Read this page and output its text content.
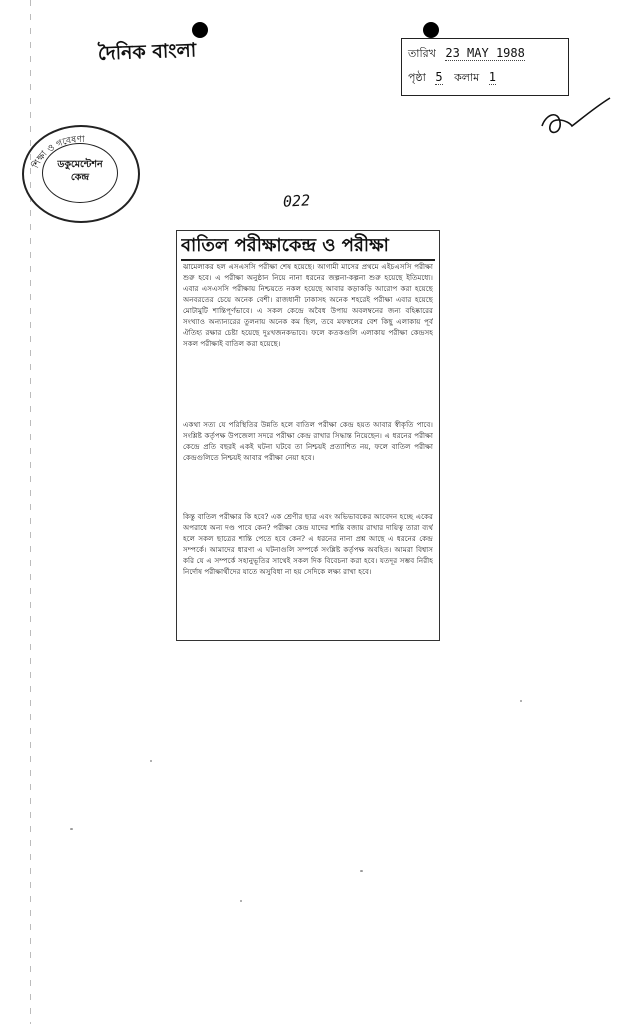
দৈনিক বাংলা	তারিখ 23 MAY 1988
পৃষ্ঠা 5 কলাম 1
শিক্ষা ও গবেষণা
ডকুমেন্টেশন
কেন্দ্র
022
বাতিল পরীক্ষাকেন্দ্র ও পরীক্ষা

ঝামেলাকর হল এসএসসি পরীক্ষা শেষ হয়েছে। আগামী মাসের প্রথমে এইচএসসি পরীক্ষা শুরু হবে। এ পরীক্ষা অনুষ্ঠান নিয়ে নানা ধরনের জল্পনা-কল্পনা শুরু হয়েছে ইতিমধ্যে। এবার এসএসসি পরীক্ষায় নিশ্চয়তে নকল হয়েছে আবার কড়াকড়ি আরোপ করা হয়েছে অনবরতের চেয়ে অনেক বেশী। রাজধানী ঢাকাসহ অনেক শহরেই পরীক্ষা এবার হয়েছে মোটামুটি শান্তিপূর্ণভাবে। এ সকল কেন্দ্রে অবৈধ উপায় অবলম্বনের জন্য বহিষ্কারের সংখ্যাও অন্যান্যরের তুলনায় অনেক কম ছিল, তবে মফস্বলের বেশ কিছু এলাকায় পূর্ব ঐতিহ্য রক্ষার চেষ্টা হয়েছে দুঃখজনকভাবে। ফলে কতকগুলি এলাকায় পরীক্ষা কেন্দ্রসহ সকল পরীক্ষাই বাতিল করা হয়েছে।

একথা সত্য যে পরিস্থিতির উন্নতি হলে বাতিল পরীক্ষা কেন্দ্র হয়ত আবার স্বীকৃতি পাবে। সংশ্লিষ্ট কর্তৃপক্ষ উপজেলা সদরে পরীক্ষা কেন্দ্র রাখার সিদ্ধান্ত নিয়েছেন। এ ধরনের পরীক্ষা কেন্দ্রে প্রতি বছরই একই ঘটনা ঘটবে তা নিশ্চয়ই প্রত্যাশিত নয়, ফলে বাতিল পরীক্ষা কেন্দ্রগুলিতে নিশ্চয়ই আবার পরীক্ষা নেয়া হবে।

কিন্তু বাতিল পরীক্ষার কি হবে? এক শ্রেণীর ছাত্র এবং অভিভাবকের আবেদন হচ্ছে একের অপরাধে অন্য দণ্ড পাবে কেন? পরীক্ষা কেন্দ্র যাদের শান্তি বজায় রাখার দায়িত্ব তারা ব্যর্থ হলে সকল ছাত্রের শান্তি পেতে হবে কেন? এ ধরনের নানা প্রশ্ন আছে এ ধরনের কেন্দ্র সম্পর্কে। আমাদের ধারণা এ ঘটনাগুলি সম্পর্কে সংশ্লিষ্ট কর্তৃপক্ষ অবহিত। আমরা বিশ্বাস করি যে এ সম্পর্কে সহানুভূতির সাথেই সকল দিক বিবেচনা করা হবে। যতদূর সম্ভব নিরীহ নির্দোষ পরীক্ষার্থীদের যাতে অসুবিধা না হয় সেদিকে লক্ষ্য রাখা হবে।
